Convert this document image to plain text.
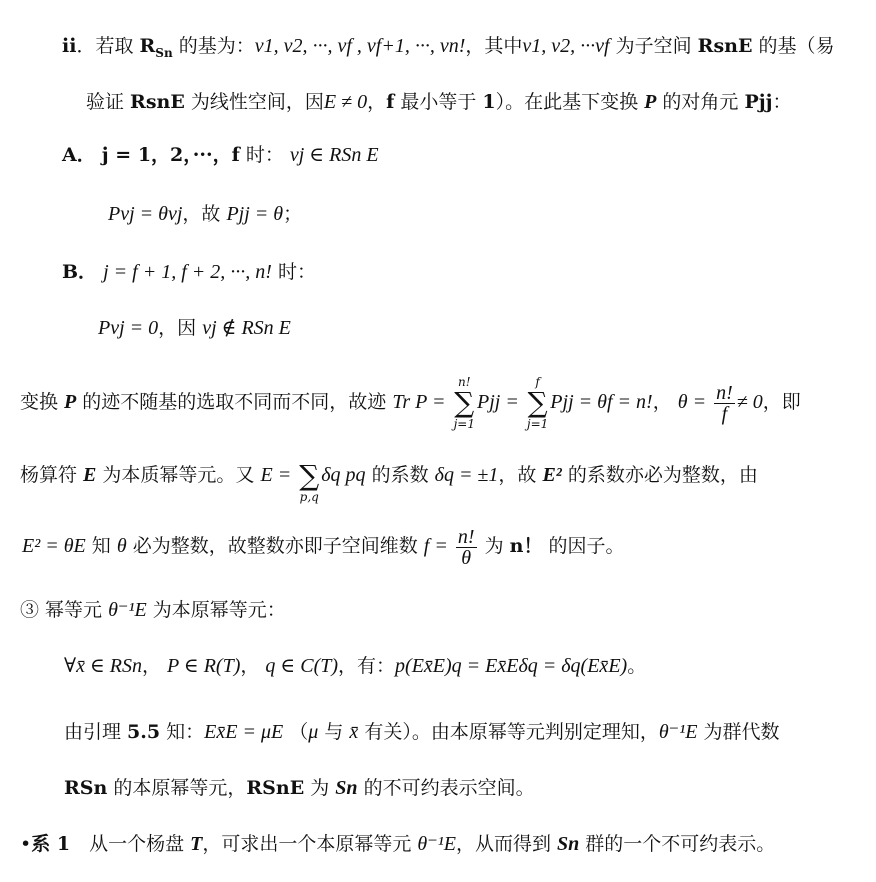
ii．若取 $R_{Sn}$ 的基为：v1, v2, ···, vf , vf+1, ···, vn!，其中v1, v2, ···vf 为子空间 RsnE 的基（易
验证 RsnE 为线性空间，因E ≠ 0，f 最小等于 1）。在此基下变换 P 的对角元 Pjj：
A． j = 1，2，···，f 时： vj ∈ RSn E
Pvj = θvj，故 Pjj = θ；
B． j = f + 1, f + 2, ···, n! 时：
Pvj = 0，因 vj ∉ RSn E
变换 P 的迹不随基的选取不同而不同，故迹 Tr P =
n!
∑
j=1
Pjj =
f
∑
j=1
Pjj = θf = n!， $\theta = \frac{n!}{f} \ne 0$，即
杨算符 E 为本质幂等元。又 E =
∑
p,q
δq pq 的系数 δq = ±1，故 E² 的系数亦必为整数，由
E² = θE 知 θ 必为整数，故整数亦即子空间维数 $f = \frac{n!}{\theta}$ 为 n！ 的因子。
③ 幂等元 θ⁻¹E 为本原幂等元：
∀x̄ ∈ RSn， P ∈ R(T)， q ∈ C(T)，有：p(Ex̄E)q = Ex̄Eδq = δq(Ex̄E)。
由引理 5.5 知：Ex̄E = μE （μ 与 x̄ 有关）。由本原幂等元判别定理知，θ⁻¹E 为群代数
RSn 的本原幂等元，RSnE 为 Sn 的不可约表示空间。
•系 1　从一个杨盘 T，可求出一个本原幂等元 θ⁻¹E，从而得到 Sn 群的一个不可约表示。
